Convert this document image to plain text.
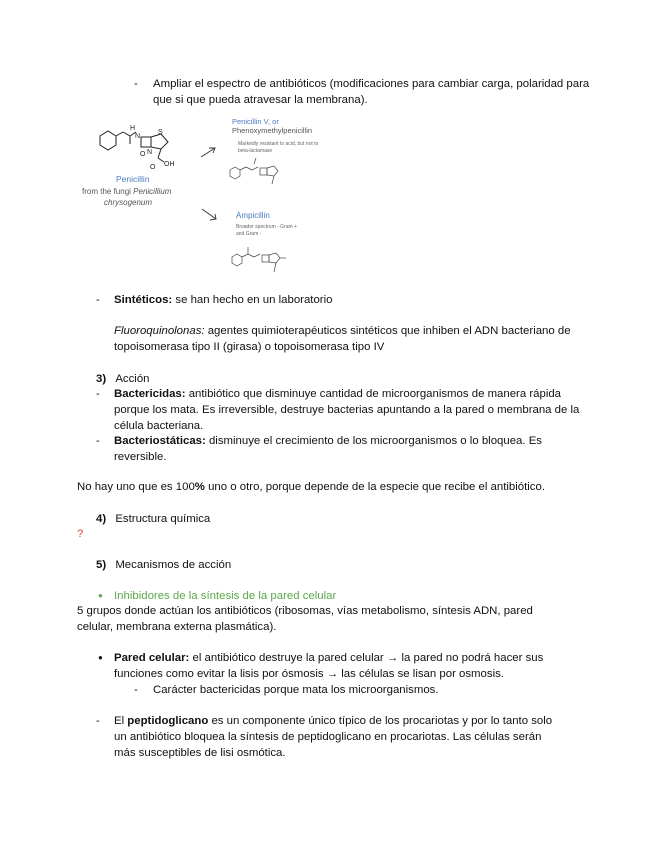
-	Ampliar el espectro de antibióticos (modificaciones para cambiar carga, polaridad para que si que pueda atravesar la membrana).
H
N
S
N
O
OH
O
Penicillin
from the fungi Penicillium
chrysogenum
Penicillin V, or
Phenoxymethylpenicillin
Markedly resistant to acid, but not to
beta-lactamase
Ampicillin
Broader spectrum - Gram +
and Gram -
-	Sintéticos: se han hecho en un laboratorio
Fluoroquinolonas: agentes quimioterapéuticos sintéticos que inhiben el ADN bacteriano de topoisomerasa tipo II (girasa) o topoisomerasa tipo IV
3) Acción
-	Bactericidas: antibiótico que disminuye cantidad de microorganismos de manera rápida porque los mata. Es irreversible, destruye bacterias apuntando a la pared o membrana de la célula bacteriana.
-	Bacteriostáticas: disminuye el crecimiento de los microorganismos o lo bloquea. Es reversible.
No hay uno que es 100% uno o otro, porque depende de la especie que recibe el antibiótico.
4) Estructura química
?
5) Mecanismos de acción
● Inhibidores de la síntesis de la pared celular
5 grupos donde actúan los antibióticos (ribosomas, vías metabolismo, síntesis ADN, pared celular, membrana externa plasmática).
● Pared celular: el antibiótico destruye la pared celular → la pared no podrá hacer sus funciones como evitar la lisis por ósmosis → las células se lisan por osmosis.
-	Carácter bactericidas porque mata los microorganismos.
-	El peptidoglicano es un componente único típico de los procariotas y por lo tanto solo un antibiótico bloquea la síntesis de peptidoglicano en procariotas. Las células serán más susceptibles de lisi osmótica.
